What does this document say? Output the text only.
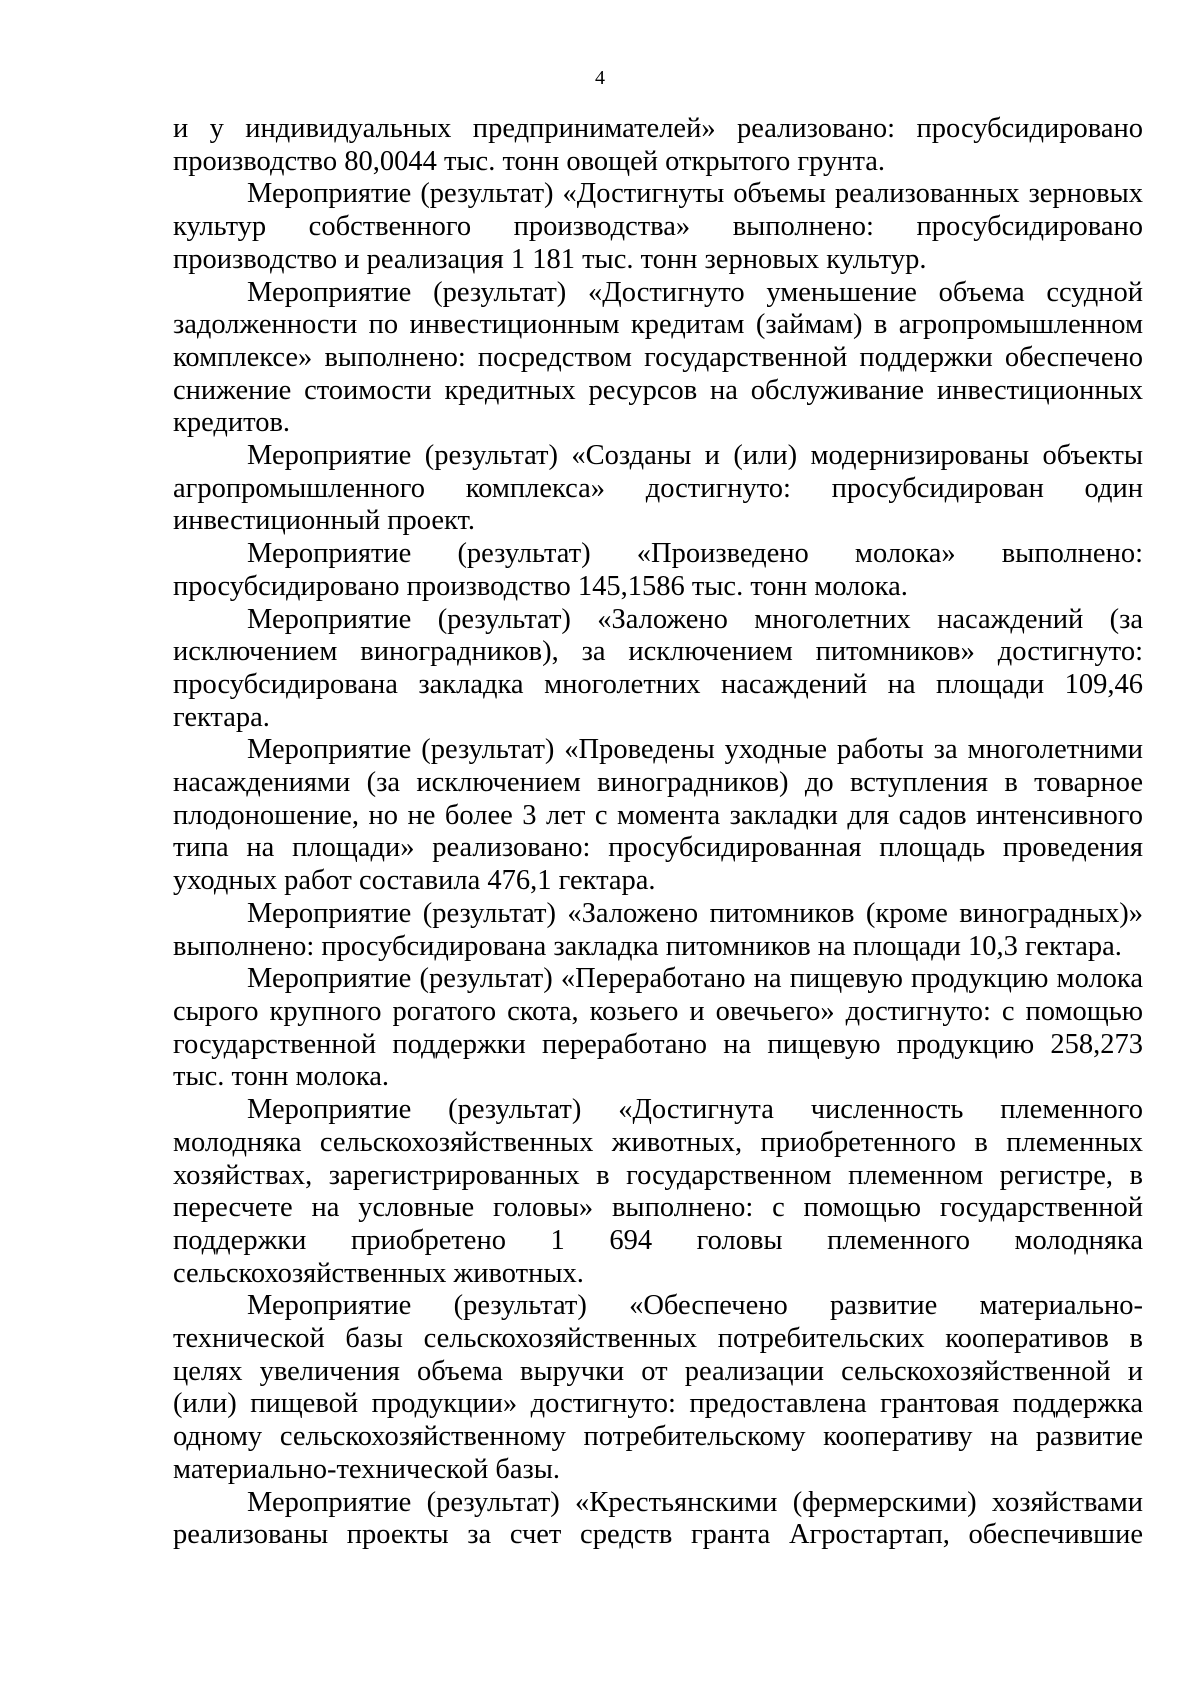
4

и у индивидуальных предпринимателей» реализовано: просубсидировано производство 80,0044 тыс. тонн овощей открытого грунта.

Мероприятие (результат) «Достигнуты объемы реализованных зерновых культур собственного производства» выполнено: просубсидировано производство и реализация 1 181 тыс. тонн зерновых культур.

Мероприятие (результат) «Достигнуто уменьшение объема ссудной задолженности по инвестиционным кредитам (займам) в агропромышленном комплексе» выполнено: посредством государственной поддержки обеспечено снижение стоимости кредитных ресурсов на обслуживание инвестиционных кредитов.

Мероприятие (результат) «Созданы и (или) модернизированы объекты агропромышленного комплекса» достигнуто: просубсидирован один инвестиционный проект.

Мероприятие (результат) «Произведено молока» выполнено: просубсидировано производство 145,1586 тыс. тонн молока.

Мероприятие (результат) «Заложено многолетних насаждений (за исключением виноградников), за исключением питомников» достигнуто: просубсидирована закладка многолетних насаждений на площади 109,46 гектара.

Мероприятие (результат) «Проведены уходные работы за многолетними насаждениями (за исключением виноградников) до вступления в товарное плодоношение, но не более 3 лет с момента закладки для садов интенсивного типа на площади» реализовано: просубсидированная площадь проведения уходных работ составила 476,1 гектара.

Мероприятие (результат) «Заложено питомников (кроме виноградных)» выполнено: просубсидирована закладка питомников на площади 10,3 гектара.

Мероприятие (результат) «Переработано на пищевую продукцию молока сырого крупного рогатого скота, козьего и овечьего» достигнуто: с помощью государственной поддержки переработано на пищевую продукцию 258,273 тыс. тонн молока.

Мероприятие (результат) «Достигнута численность племенного молодняка сельскохозяйственных животных, приобретенного в племенных хозяйствах, зарегистрированных в государственном племенном регистре, в пересчете на условные головы» выполнено: с помощью государственной поддержки приобретено 1 694 головы племенного молодняка сельскохозяйственных животных.

Мероприятие (результат) «Обеспечено развитие материально-технической базы сельскохозяйственных потребительских кооперативов в целях увеличения объема выручки от реализации сельскохозяйственной и (или) пищевой продукции» достигнуто: предоставлена грантовая поддержка одному сельскохозяйственному потребительскому кооперативу на развитие материально-технической базы.

Мероприятие (результат) «Крестьянскими (фермерскими) хозяйствами реализованы проекты за счет средств гранта Агростартап, обеспечившие
